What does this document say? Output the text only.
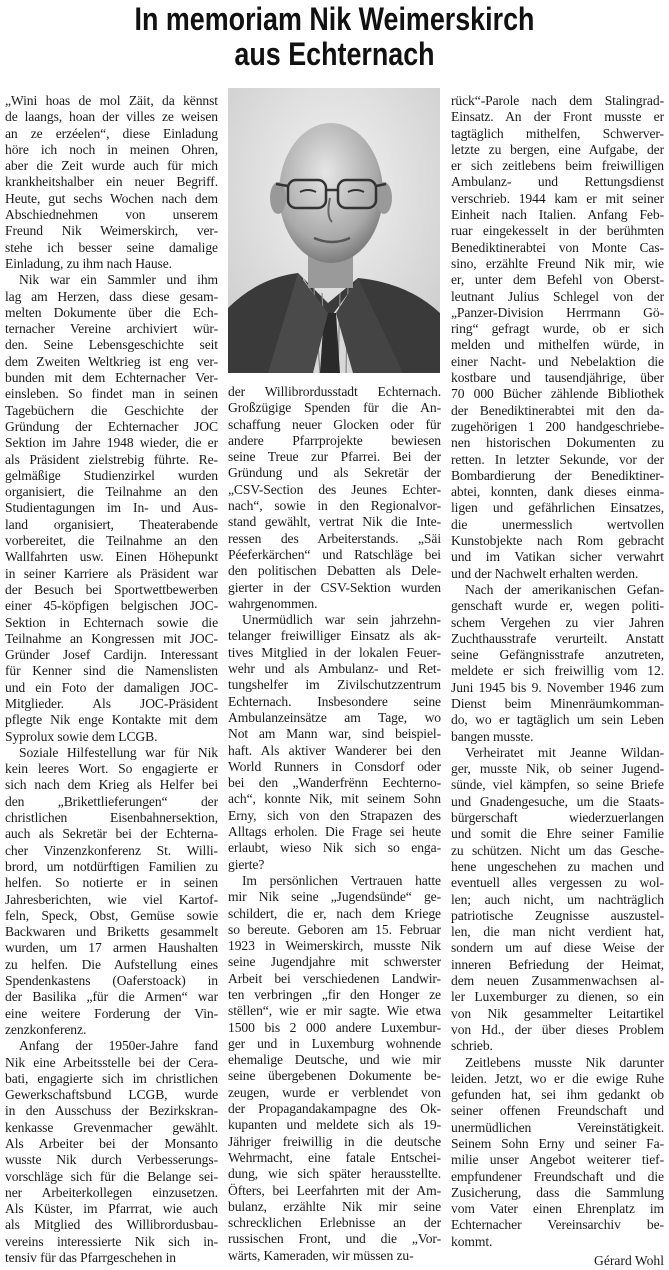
In memoriam Nik Weimerskirch
aus Echternach
„Wini hoas de mol Zäit, da kënnst
de laangs, hoan der villes ze weisen
an ze erzéelen“, diese Einladung
höre ich noch in meinen Ohren,
aber die Zeit wurde auch für mich
krankheitshalber ein neuer Begriff.
Heute, gut sechs Wochen nach dem
Abschiednehmen von unserem
Freund Nik Weimerskirch, ver-
stehe ich besser seine damalige
Einladung, zu ihm nach Hause.
Nik war ein Sammler und ihm
lag am Herzen, dass diese gesam-
melten Dokumente über die Ech-
ternacher Vereine archiviert wür-
den. Seine Lebensgeschichte seit
dem Zweiten Weltkrieg ist eng ver-
bunden mit dem Echternacher Ver-
einsleben. So findet man in seinen
Tagebüchern die Geschichte der
Gründung der Echternacher JOC
Sektion im Jahre 1948 wieder, die er
als Präsident zielstrebig führte. Re-
gelmäßige Studienzirkel wurden
organisiert, die Teilnahme an den
Studientagungen im In- und Aus-
land organisiert, Theaterabende
vorbereitet, die Teilnahme an den
Wallfahrten usw. Einen Höhepunkt
in seiner Karriere als Präsident war
der Besuch bei Sportwettbewerben
einer 45-köpfigen belgischen JOC-
Sektion in Echternach sowie die
Teilnahme an Kongressen mit JOC-
Gründer Josef Cardijn. Interessant
für Kenner sind die Namenslisten
und ein Foto der damaligen JOC-
Mitglieder. Als JOC-Präsident
pflegte Nik enge Kontakte mit dem
Syprolux sowie dem LCGB.
Soziale Hilfestellung war für Nik
kein leeres Wort. So engagierte er
sich nach dem Krieg als Helfer bei
den „Brikettlieferungen“ der
christlichen Eisenbahnersektion,
auch als Sekretär bei der Echterna-
cher Vinzenzkonferenz St. Willi-
brord, um notdürftigen Familien zu
helfen. So notierte er in seinen
Jahresberichten, wie viel Kartof-
feln, Speck, Obst, Gemüse sowie
Backwaren und Briketts gesammelt
wurden, um 17 armen Haushalten
zu helfen. Die Aufstellung eines
Spendenkastens (Oaferstoack) in
der Basilika „für die Armen“ war
eine weitere Forderung der Vin-
zenzkonferenz.
Anfang der 1950er-Jahre fand
Nik eine Arbeitsstelle bei der Cera-
bati, engagierte sich im christlichen
Gewerkschaftsbund LCGB, wurde
in den Ausschuss der Bezirkskran-
kenkasse Grevenmacher gewählt.
Als Arbeiter bei der Monsanto
wusste Nik durch Verbesserungs-
vorschläge sich für die Belange sei-
ner Arbeiterkollegen einzusetzen.
Als Küster, im Pfarrrat, wie auch
als Mitglied des Willibrordusbau-
vereins interessierte Nik sich in-
tensiv für das Pfarrgeschehen in
der Willibrordusstadt Echternach.
Großzügige Spenden für die An-
schaffung neuer Glocken oder für
andere Pfarrprojekte bewiesen
seine Treue zur Pfarrei. Bei der
Gründung und als Sekretär der
„CSV-Section des Jeunes Echter-
nach“, sowie in den Regionalvor-
stand gewählt, vertrat Nik die Inte-
ressen des Arbeiterstands. „Säi
Péeferkärchen“ und Ratschläge bei
den politischen Debatten als Dele-
gierter in der CSV-Sektion wurden
wahrgenommen.
Unermüdlich war sein jahrzehn-
telanger freiwilliger Einsatz als ak-
tives Mitglied in der lokalen Feuer-
wehr und als Ambulanz- und Ret-
tungshelfer im Zivilschutzzentrum
Echternach. Insbesondere seine
Ambulanzeinsätze am Tage, wo
Not am Mann war, sind beispiel-
haft. Als aktiver Wanderer bei den
World Runners in Consdorf oder
bei den „Wanderfrënn Eechterno-
ach“, konnte Nik, mit seinem Sohn
Erny, sich von den Strapazen des
Alltags erholen. Die Frage sei heute
erlaubt, wieso Nik sich so enga-
gierte?
Im persönlichen Vertrauen hatte
mir Nik seine „Jugendsünde“ ge-
schildert, die er, nach dem Kriege
so bereute. Geboren am 15. Februar
1923 in Weimerskirch, musste Nik
seine Jugendjahre mit schwerster
Arbeit bei verschiedenen Landwir-
ten verbringen „fir den Honger ze
stëllen“, wie er mir sagte. Wie etwa
1500 bis 2 000 andere Luxembur-
ger und in Luxemburg wohnende
ehemalige Deutsche, und wie mir
seine übergebenen Dokumente be-
zeugen, wurde er verblendet von
der Propagandakampagne des Ok-
kupanten und meldete sich als 19-
Jähriger freiwillig in die deutsche
Wehrmacht, eine fatale Entschei-
dung, wie sich später herausstellte.
Öfters, bei Leerfahrten mit der Am-
bulanz, erzählte Nik mir seine
schrecklichen Erlebnisse an der
russischen Front, und die „Vor-
wärts, Kameraden, wir müssen zu-
rück“-Parole nach dem Stalingrad-
Einsatz. An der Front musste er
tagtäglich mithelfen, Schwerver-
letzte zu bergen, eine Aufgabe, der
er sich zeitlebens beim freiwilligen
Ambulanz- und Rettungsdienst
verschrieb. 1944 kam er mit seiner
Einheit nach Italien. Anfang Feb-
ruar eingekesselt in der berühmten
Benediktinerabtei von Monte Cas-
sino, erzählte Freund Nik mir, wie
er, unter dem Befehl von Oberst-
leutnant Julius Schlegel von der
„Panzer-Division Herrmann Gö-
ring“ gefragt wurde, ob er sich
melden und mithelfen würde, in
einer Nacht- und Nebelaktion die
kostbare und tausendjährige, über
70 000 Bücher zählende Bibliothek
der Benediktinerabtei mit den da-
zugehörigen 1 200 handgeschriebe-
nen historischen Dokumenten zu
retten. In letzter Sekunde, vor der
Bombardierung der Benediktiner-
abtei, konnten, dank dieses einma-
ligen und gefährlichen Einsatzes,
die unermesslich wertvollen
Kunstobjekte nach Rom gebracht
und im Vatikan sicher verwahrt
und der Nachwelt erhalten werden.
Nach der amerikanischen Gefan-
genschaft wurde er, wegen politi-
schem Vergehen zu vier Jahren
Zuchthausstrafe verurteilt. Anstatt
seine Gefängnisstrafe anzutreten,
meldete er sich freiwillig vom 12.
Juni 1945 bis 9. November 1946 zum
Dienst beim Minenräumkomman-
do, wo er tagtäglich um sein Leben
bangen musste.
Verheiratet mit Jeanne Wildan-
ger, musste Nik, ob seiner Jugend-
sünde, viel kämpfen, so seine Briefe
und Gnadengesuche, um die Staats-
bürgerschaft wiederzuerlangen
und somit die Ehre seiner Familie
zu schützen. Nicht um das Gesche-
hene ungeschehen zu machen und
eventuell alles vergessen zu wol-
len; auch nicht, um nachträglich
patriotische Zeugnisse auszustel-
len, die man nicht verdient hat,
sondern um auf diese Weise der
inneren Befriedung der Heimat,
dem neuen Zusammenwachsen al-
ler Luxemburger zu dienen, so ein
von Nik gesammelter Leitartikel
von Hd., der über dieses Problem
schrieb.
Zeitlebens musste Nik darunter
leiden. Jetzt, wo er die ewige Ruhe
gefunden hat, sei ihm gedankt ob
seiner offenen Freundschaft und
unermüdlichen Vereinstätigkeit.
Seinem Sohn Erny und seiner Fa-
milie unser Angebot weiterer tief-
empfundener Freundschaft und die
Zusicherung, dass die Sammlung
vom Vater einen Ehrenplatz im
Echternacher Vereinsarchiv be-
kommt.
Gérard Wohl
